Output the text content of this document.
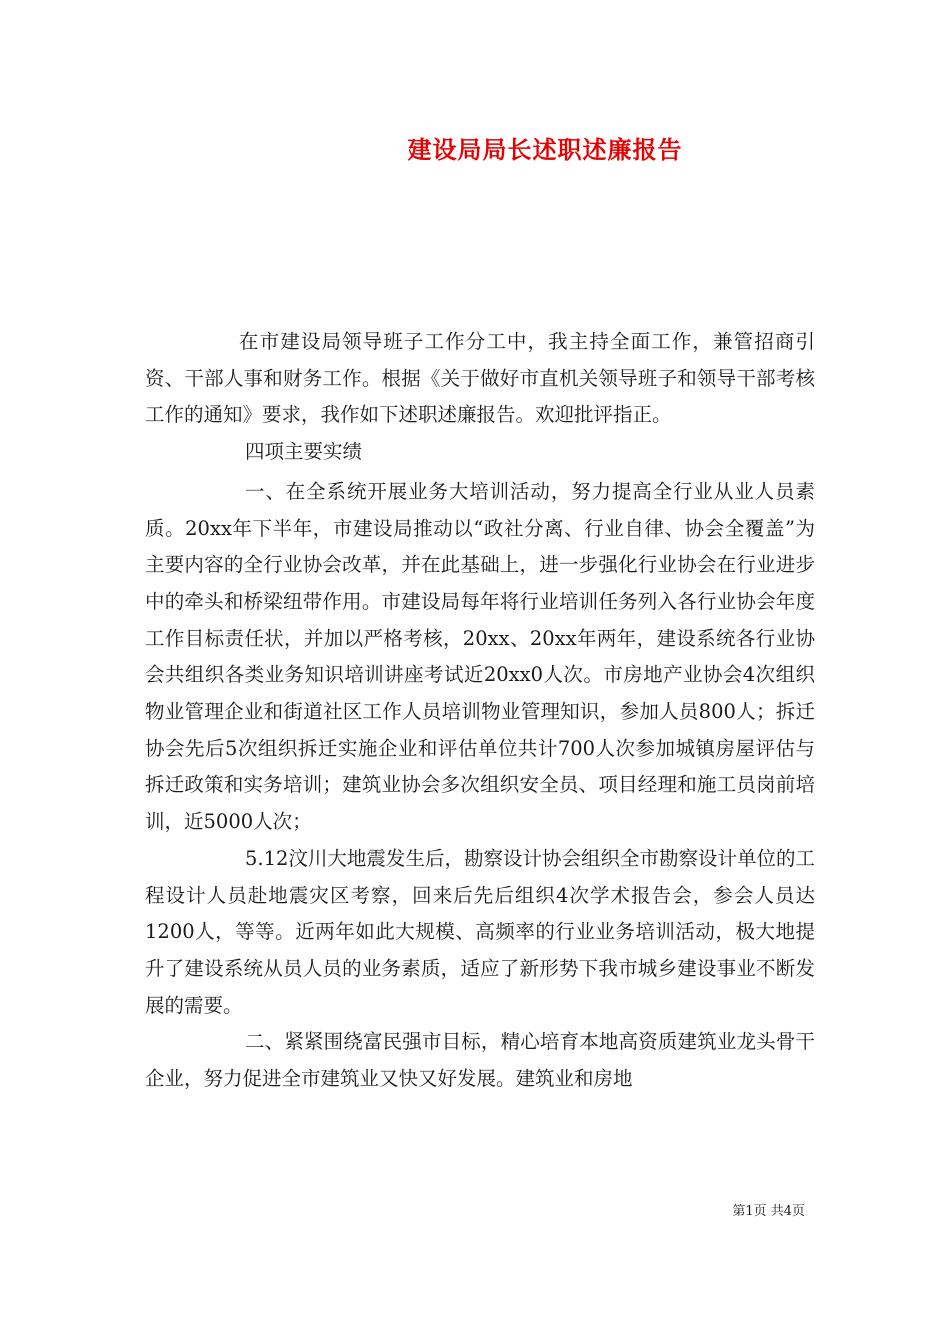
建设局局长述职述廉报告

在市建设局领导班子工作分工中，我主持全面工作，兼管招商引资、干部人事和财务工作。根据《关于做好市直机关领导班子和领导干部考核工作的通知》要求，我作如下述职述廉报告。欢迎批评指正。

四项主要实绩

一、在全系统开展业务大培训活动，努力提高全行业从业人员素质。20xx年下半年，市建设局推动以“政社分离、行业自律、协会全覆盖”为主要内容的全行业协会改革，并在此基础上，进一步强化行业协会在行业进步中的牵头和桥梁纽带作用。市建设局每年将行业培训任务列入各行业协会年度工作目标责任状，并加以严格考核，20xx、20xx年两年，建设系统各行业协会共组织各类业务知识培训讲座考试近20xx0人次。市房地产业协会4次组织物业管理企业和街道社区工作人员培训物业管理知识，参加人员800人；拆迁协会先后5次组织拆迁实施企业和评估单位共计700人次参加城镇房屋评估与拆迁政策和实务培训；建筑业协会多次组织安全员、项目经理和施工员岗前培训，近5000人次；

5.12汶川大地震发生后，勘察设计协会组织全市勘察设计单位的工程设计人员赴地震灾区考察，回来后先后组织4次学术报告会，参会人员达1200人，等等。近两年如此大规模、高频率的行业业务培训活动，极大地提升了建设系统从员人员的业务素质，适应了新形势下我市城乡建设事业不断发展的需要。

二、紧紧围绕富民强市目标，精心培育本地高资质建筑业龙头骨干企业，努力促进全市建筑业又快又好发展。建筑业和房地

第1页 共4页
